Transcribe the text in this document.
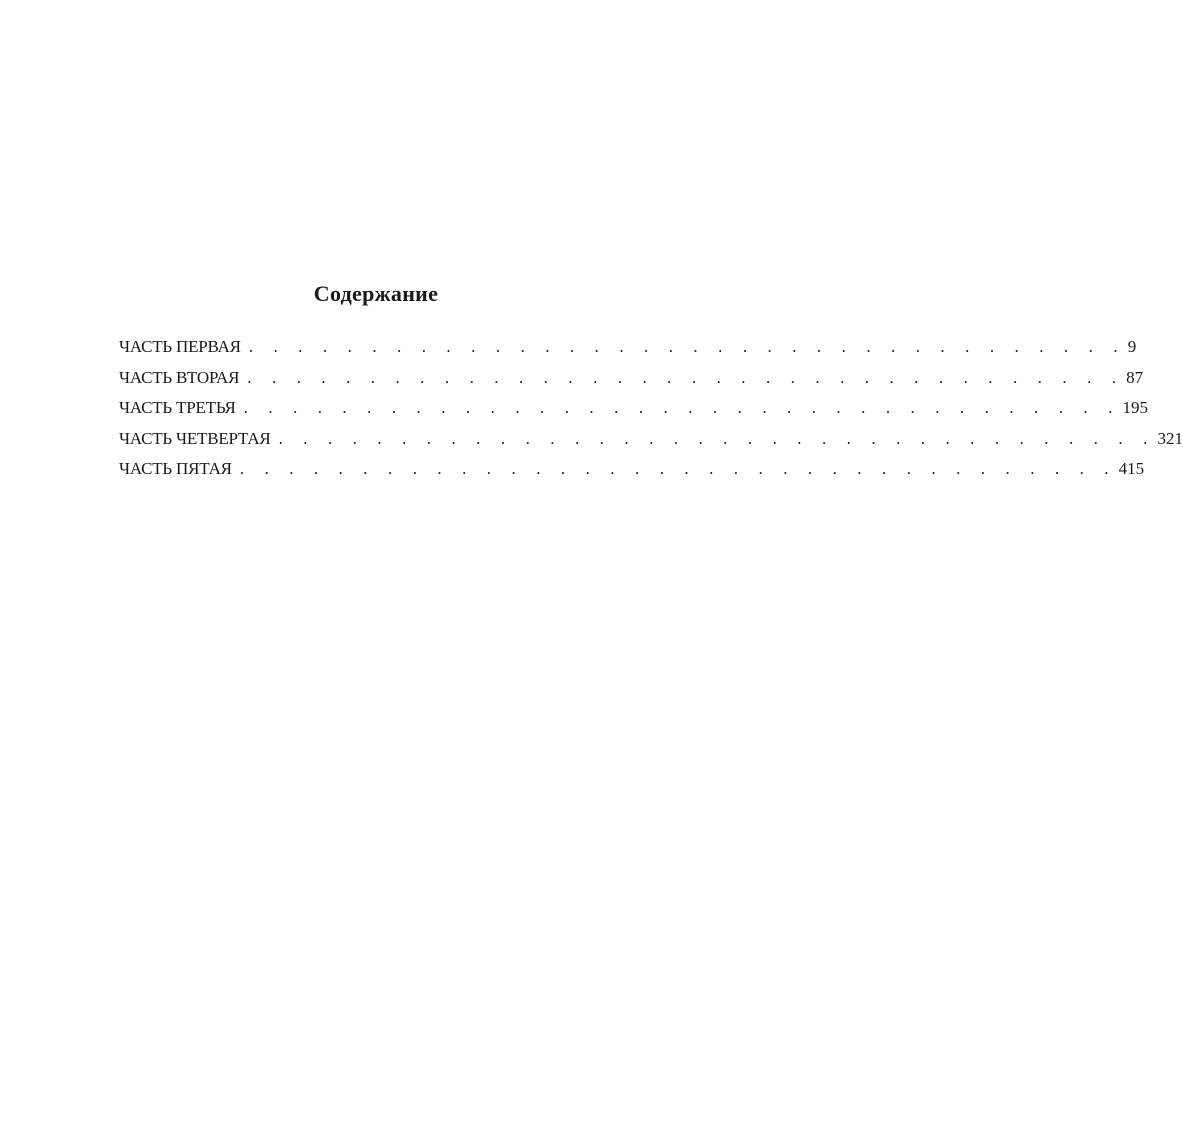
Содержание
ЧАСТЬ ПЕРВАЯ . . . . . . . . . . . . . . . . . . . . . . . . . . . . . . . . . . . . 9
ЧАСТЬ ВТОРАЯ . . . . . . . . . . . . . . . . . . . . . . . . . . . . . . . . . . . . 87
ЧАСТЬ ТРЕТЬЯ . . . . . . . . . . . . . . . . . . . . . . . . . . . . . . . . . . . . 195
ЧАСТЬ ЧЕТВЕРТАЯ . . . . . . . . . . . . . . . . . . . . . . . . . . . . . . . . . . . . 321
ЧАСТЬ ПЯТАЯ . . . . . . . . . . . . . . . . . . . . . . . . . . . . . . . . . . . . 415
